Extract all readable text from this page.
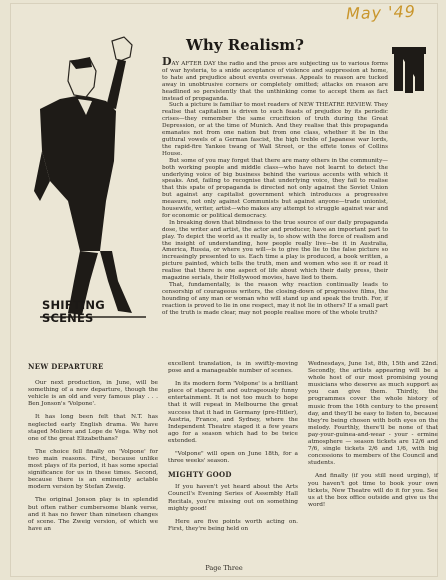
May '49
Why Realism?

DAY AFTER DAY the radio and the press are subjecting us to various forms of war hysteria, to a snide acceptance of violence and suppression at home, to hate and prejudice about events overseas. Appeals to reason are tucked away in unobtrusive corners or completely omitted; attacks on reason are headlined so persistently that the unthinking come to accept them as fact instead of propaganda.

Such a picture is familiar to most readers of NEW THEATRE REVIEW. They realise that capitalism is driven to such feasts of prejudice by its periodic crises—they remember the same crucifixion of truth during the Great Depression, or at the time of Munich. And they realise that this propaganda emanates not from one nation but from one class, whether it be in the guttural vowels of a German fascist, the high treble of Japanese war lords, the rapid-fire Yankee twang of Wall Street, or the effete tones of Collins House.

But some of you may forget that there are many others in the community—both working people and middle class—who have not learnt to detect the underlying voice of big business behind the various accents with which it speaks. And, failing to recognise that underlying voice, they fail to realise that this spate of propaganda is directed not only against the Soviet Union but against any capitalist government which introduces a progressive measure, not only against Communists but against anyone—trade unionist, housewife, writer, artist—who makes any attempt to struggle against war and for economic or political democracy.

In breaking down that blindness to the true source of our daily propaganda dose, the writer and artist, the actor and producer, have an important part to play. To depict the world as it really is, to show with the force of realism and the insight of understanding, how people really live—be it in Australia, America, Russia, or where you will—is to give the lie to the false picture so increasingly presented to us. Each time a play is produced, a book written, a picture painted, which tells the truth, men and women who see it or read it realise that there is one aspect of life about which their daily press, their magazine serials, their Hollywood movies, have lied to them.

That, fundamentally, is the reason why reaction continually leads to censorship of courageous writers, the closing-down of progressive films, the hounding of any man or woman who will stand up and speak the truth. For, if reaction is proved to lie in one respect, may it not lie in others? If a small part of the truth is made clear, may not people realise more of the whole truth?

SHIFTING SCENES
NEW DEPARTURE

Our next production, in June, will be something of a new departure, though the vehicle is an old and very famous play . . . Ben Jonson's 'Volpone'.

It has long been felt that N.T. has neglected early English drama. We have staged Moliere and Lope de Vega. Why not one of the great Elizabethans?

The choice fell finally on 'Volpone' for two main reasons. First, because unlike most plays of its period, it has some special significance for us in these times. Second, because there is an eminently actable modern version by Stefan Zweig.

The original Jonson play is in splendid but often rather cumbersome blank verse, and it has no fewer than nineteen changes of scene. The Zweig version, of which we have an

excellent translation, is in swiftly-moving pose and a manageable number of scenes.

In its modern form 'Volpone' is a brilliant piece of stagecraft and outrageously funny entertainment. It is not too much to hope that it will repeat in Melbourne the great success that it had in Germany (pre-Hitler), Austria, France, and Sydney, where the Independent Theatre staged it a few years ago for a season which had to be twice extended.

"Volpone" will open on June 18th, for a three weeks' season.

MIGHTY GOOD

If you haven't yet heard about the Arts Council's Evening Series of Assembly Hall Recitals, you're missing out on something mighty good!

Here are five points worth acting on. First, they're being held on

Wednesdays, June 1st, 8th, 15th and 22nd. Secondly, the artists appearing will be a whole host of our most promising young musicians who deserve as much support as you can give them. Thirdly, the programmes cover the whole history of music from the 16th century to the present day, and they'll be easy to listen to, because they're being chosen with both eyes on the melody. Fourthly, there'll be none of that pay-your-guinea-and-wear - your - ermine atmosphere — season tickets are 12/6 and 7/6, single tickets 2/6 and 1/6, with big concessions to members of the Council and students.

And finally (if you still need urging), if you haven't got time to book your own tickets, New Theatre will do it for you. See us at the box office outside and give us the word!

Page Three
